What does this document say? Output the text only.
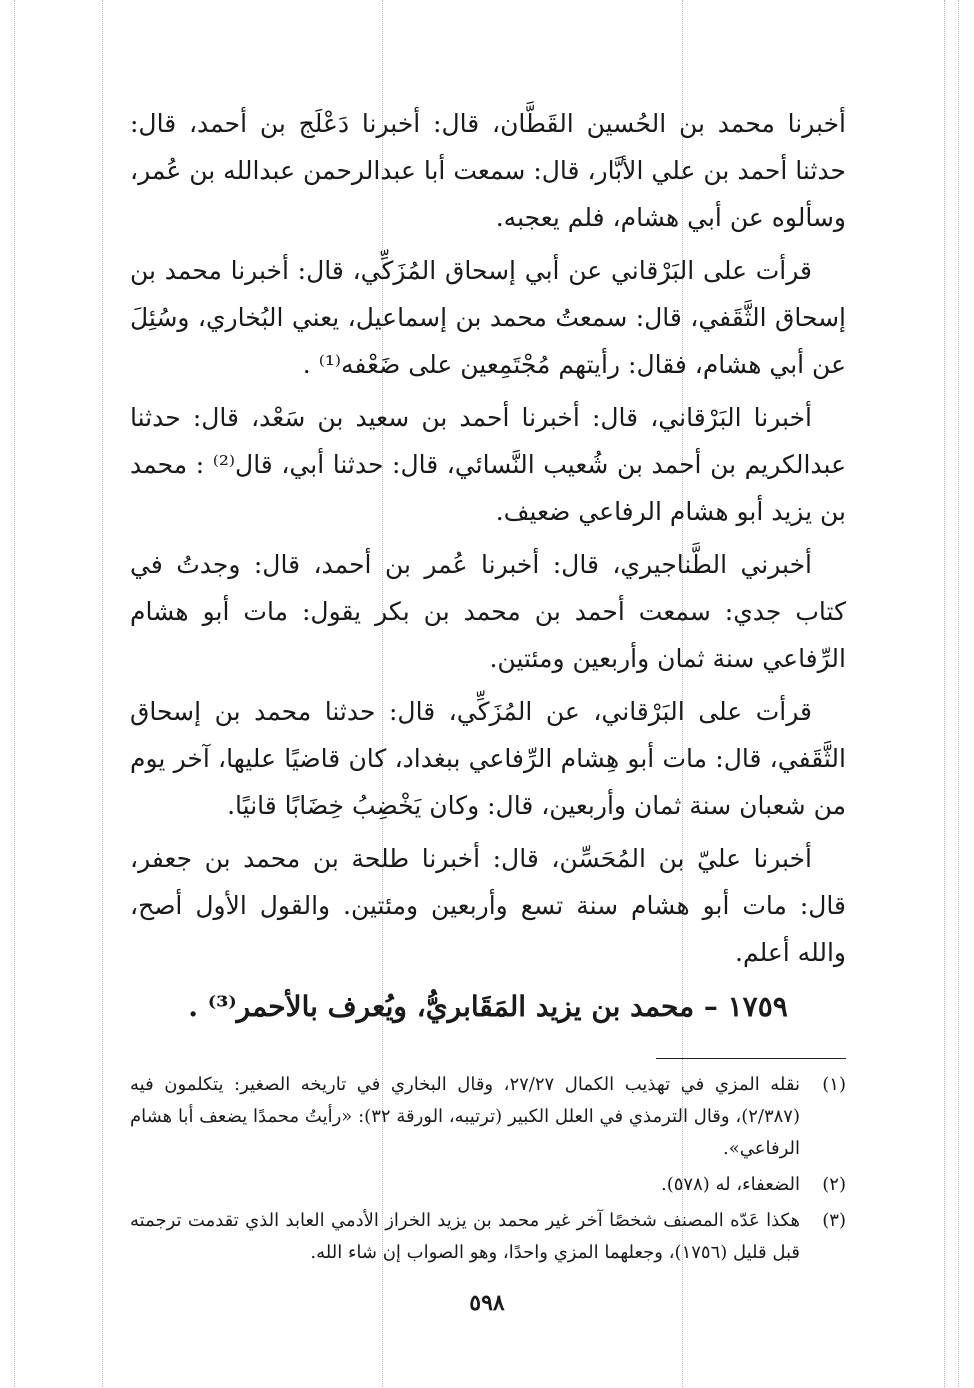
أخبرنا محمد بن الحُسين القَطَّان، قال: أخبرنا دَعْلَج بن أحمد، قال: حدثنا أحمد بن علي الأبَّار، قال: سمعت أبا عبدالرحمن عبدالله بن عُمر، وسألوه عن أبي هشام، فلم يعجبه.

قرأت على البَرْقاني عن أبي إسحاق المُزَكِّي، قال: أخبرنا محمد بن إسحاق الثَّقَفي، قال: سمعتُ محمد بن إسماعيل، يعني البُخاري، وسُئِلَ عن أبي هشام، فقال: رأيتهم مُجْتَمِعين على ضَعْفه⁽¹⁾ .

أخبرنا البَرْقاني، قال: أخبرنا أحمد بن سعيد بن سَعْد، قال: حدثنا عبدالكريم بن أحمد بن شُعيب النَّسائي، قال: حدثنا أبي، قال⁽²⁾ : محمد بن يزيد أبو هشام الرفاعي ضعيف.

أخبرني الطَّناجيري، قال: أخبرنا عُمر بن أحمد، قال: وجدتُ في كتاب جدي: سمعت أحمد بن محمد بن بكر يقول: مات أبو هشام الرِّفاعي سنة ثمان وأربعين ومئتين.

قرأت على البَرْقاني، عن المُزَكِّي، قال: حدثنا محمد بن إسحاق الثَّقَفي، قال: مات أبو هِشام الرِّفاعي ببغداد، كان قاضيًا عليها، آخر يوم من شعبان سنة ثمان وأربعين، قال: وكان يَخْضِبُ خِضَابًا قانيًا.

أخبرنا عليّ بن المُحَسِّن، قال: أخبرنا طلحة بن محمد بن جعفر، قال: مات أبو هشام سنة تسع وأربعين ومئتين. والقول الأول أصح، والله أعلم.

١٧٥٩ – محمد بن يزيد المَقَابريُّ، ويُعرف بالأحمر⁽³⁾ .
(١)
نقله المزي في تهذيب الكمال ٢٧/٢٧، وقال البخاري في تاريخه الصغير: يتكلمون فيه (٢/٣٨٧)، وقال الترمذي في العلل الكبير (ترتيبه، الورقة ٣٢): «رأيتُ محمدًا يضعف أبا هشام الرفاعي».
(٢)
الضعفاء، له (٥٧٨).
(٣)
هكذا عَدّه المصنف شخصًا آخر غير محمد بن يزيد الخراز الأدمي العابد الذي تقدمت ترجمته قبل قليل (١٧٥٦)، وجعلهما المزي واحدًا، وهو الصواب إن شاء الله.
٥٩٨
